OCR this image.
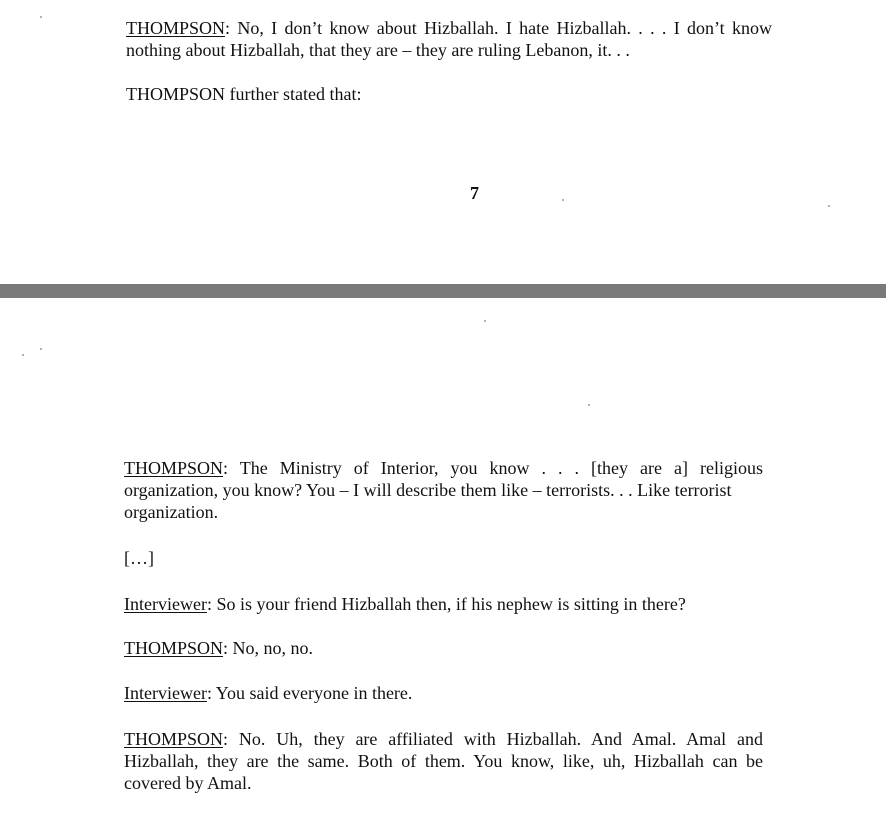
THOMPSON: No, I don’t know about Hizballah. I hate Hizballah. . . . I don’t know
nothing about Hizballah, that they are – they are ruling Lebanon, it. . .
THOMPSON further stated that:
7
THOMPSON: The Ministry of Interior, you know . . . [they are a] religious
organization, you know? You – I will describe them like – terrorists. . . Like terrorist
organization.
[…]
Interviewer: So is your friend Hizballah then, if his nephew is sitting in there?
THOMPSON: No, no, no.
Interviewer: You said everyone in there.
THOMPSON: No. Uh, they are affiliated with Hizballah. And Amal. Amal and
Hizballah, they are the same. Both of them. You know, like, uh, Hizballah can be
covered by Amal.
